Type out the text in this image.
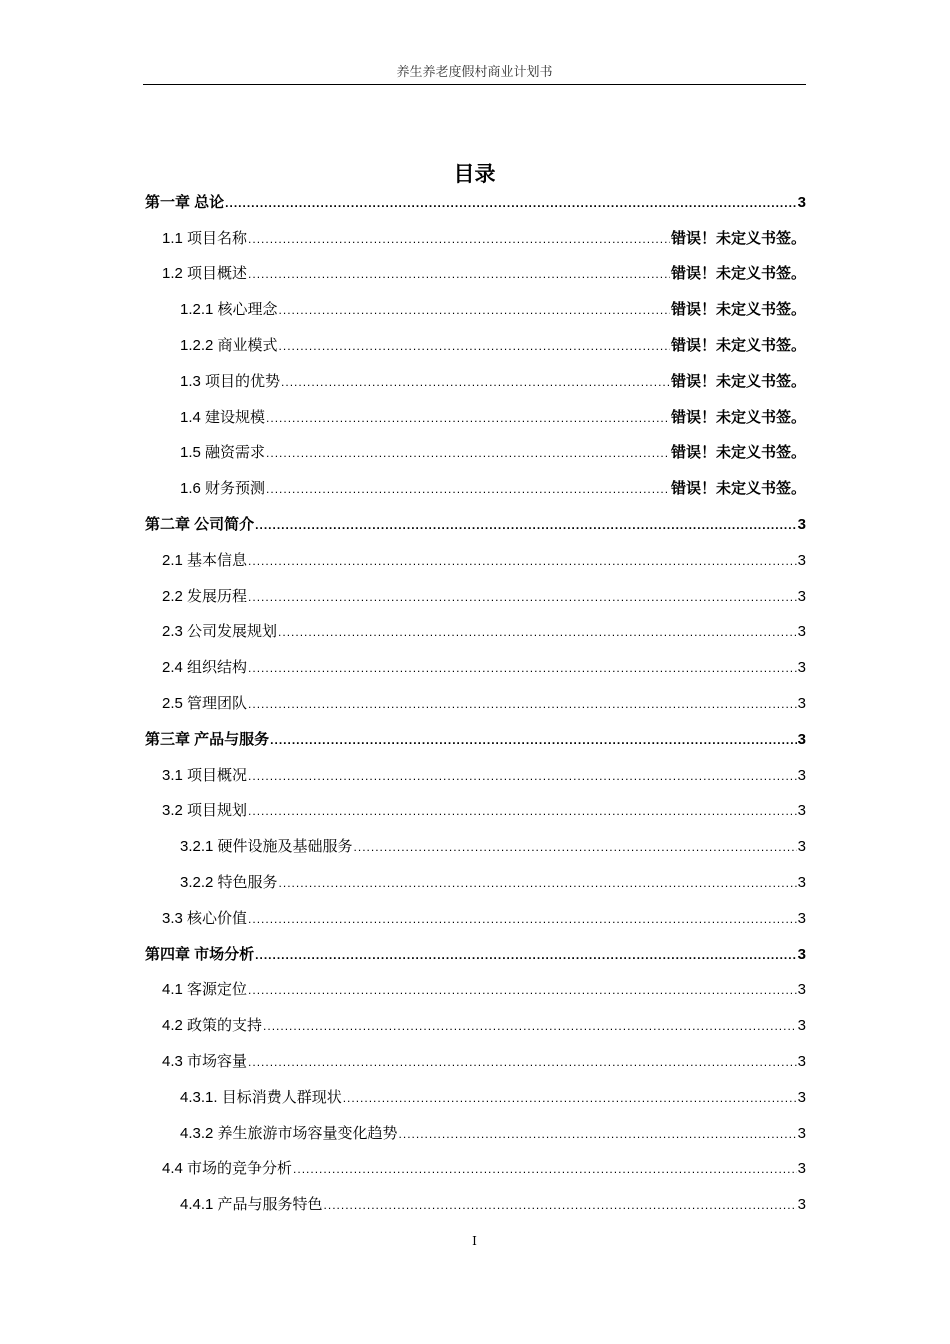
养生养老度假村商业计划书
目录
第一章 总论 .....	3
1.1 项目名称 .....	错误！未定义书签。
1.2 项目概述 .....	错误！未定义书签。
1.2.1 核心理念 .....	错误！未定义书签。
1.2.2 商业模式 .....	错误！未定义书签。
1.3 项目的优势 .....	错误！未定义书签。
1.4 建设规模 .....	错误！未定义书签。
1.5 融资需求 .....	错误！未定义书签。
1.6 财务预测 .....	错误！未定义书签。
第二章 公司简介 .....	3
2.1 基本信息 .....	3
2.2 发展历程 .....	3
2.3 公司发展规划 .....	3
2.4 组织结构 .....	3
2.5 管理团队 .....	3
第三章 产品与服务 .....	3
3.1 项目概况 .....	3
3.2 项目规划 .....	3
3.2.1 硬件设施及基础服务 .....	3
3.2.2 特色服务 .....	3
3.3 核心价值 .....	3
第四章 市场分析 .....	3
4.1 客源定位 .....	3
4.2 政策的支持 .....	3
4.3 市场容量 .....	3
4.3.1. 目标消费人群现状 .....	3
4.3.2 养生旅游市场容量变化趋势 .....	3
4.4 市场的竞争分析 .....	3
4.4.1 产品与服务特色 .....	3
I
